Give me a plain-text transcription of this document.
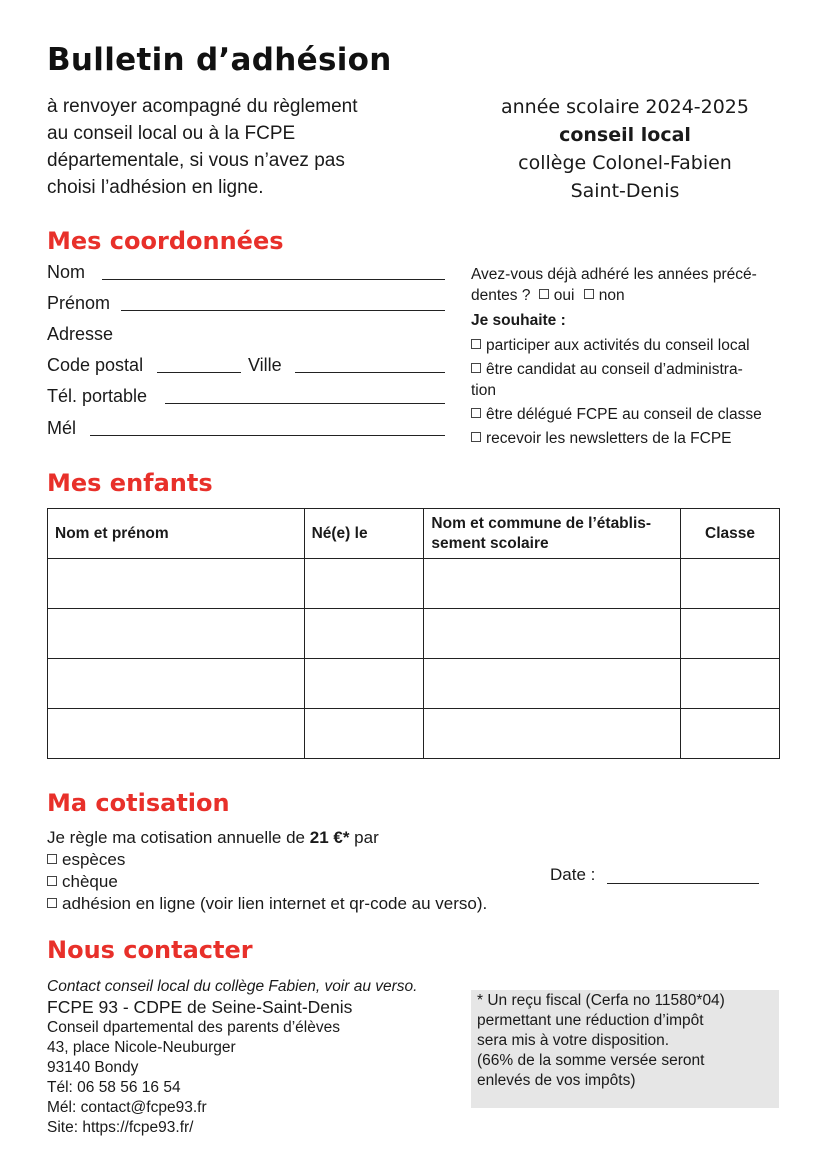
Bulletin d’adhésion
à renvoyer acompagné du règlement
au conseil local ou à la FCPE
départementale, si vous n’avez pas
choisi l’adhésion en ligne.
année scolaire 2024-2025
conseil local
collège Colonel-Fabien
Saint-Denis
Mes coordonnées
Nom
Prénom
Adresse
Code postal	Ville
Tél. portable
Mél
Avez-vous déjà adhéré les années précé-
dentes ? oui non
Je souhaite :
participer aux activités du conseil local
être candidat au conseil d’administra-
tion
être délégué FCPE au conseil de classe
recevoir les newsletters de la FCPE
Mes enfants
Nom et prénom	Né(e) le	Nom et commune de l’établis-
sement scolaire	Classe

Ma cotisation
Je règle ma cotisation annuelle de 21 €* par
espèces
chèque
adhésion en ligne (voir lien internet et qr-code au verso).
Date :
Nous contacter
Contact conseil local du collège Fabien, voir au verso.
FCPE 93 - CDPE de Seine-Saint-Denis
Conseil dpartemental des parents d’élèves
43, place Nicole-Neuburger
93140 Bondy
Tél: 06 58 56 16 54
Mél: contact@fcpe93.fr
Site: https://fcpe93.fr/
* Un reçu fiscal (Cerfa no 11580*04)
permettant une réduction d’impôt
sera mis à votre disposition.
(66% de la somme versée seront
enlevés de vos impôts)
